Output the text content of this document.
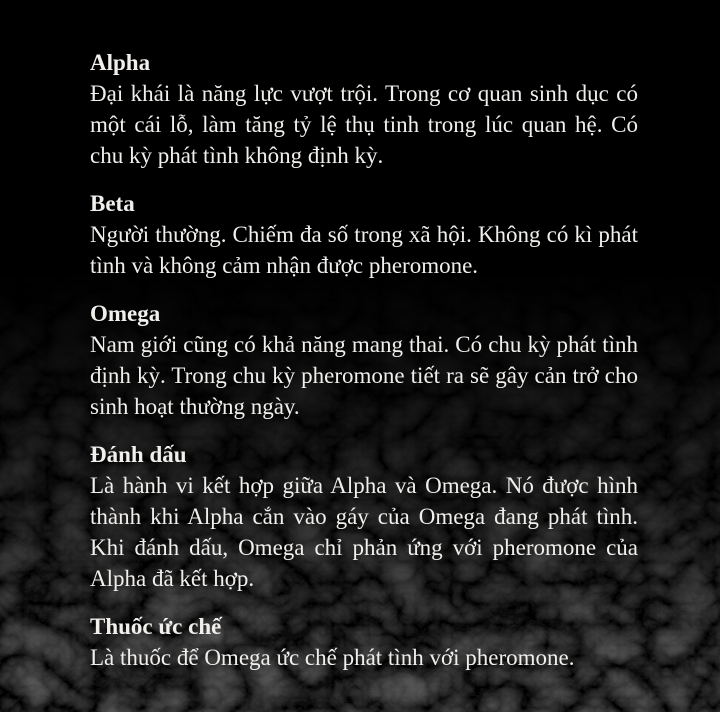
Alpha

Đại khái là năng lực vượt trội. Trong cơ quan sinh dục có một cái lỗ, làm tăng tỷ lệ thụ tinh trong lúc quan hệ. Có chu kỳ phát tình không định kỳ.

Beta

Người thường. Chiếm đa số trong xã hội. Không có kì phát tình và không cảm nhận được pheromone.

Omega

Nam giới cũng có khả năng mang thai. Có chu kỳ phát tình định kỳ. Trong chu kỳ pheromone tiết ra sẽ gây cản trở cho sinh hoạt thường ngày.

Đánh dấu

Là hành vi kết hợp giữa Alpha và Omega. Nó được hình thành khi Alpha cắn vào gáy của Omega đang phát tình. Khi đánh dấu, Omega chỉ phản ứng với pheromone của Alpha đã kết hợp.

Thuốc ức chế

Là thuốc để Omega ức chế phát tình với pheromone.
